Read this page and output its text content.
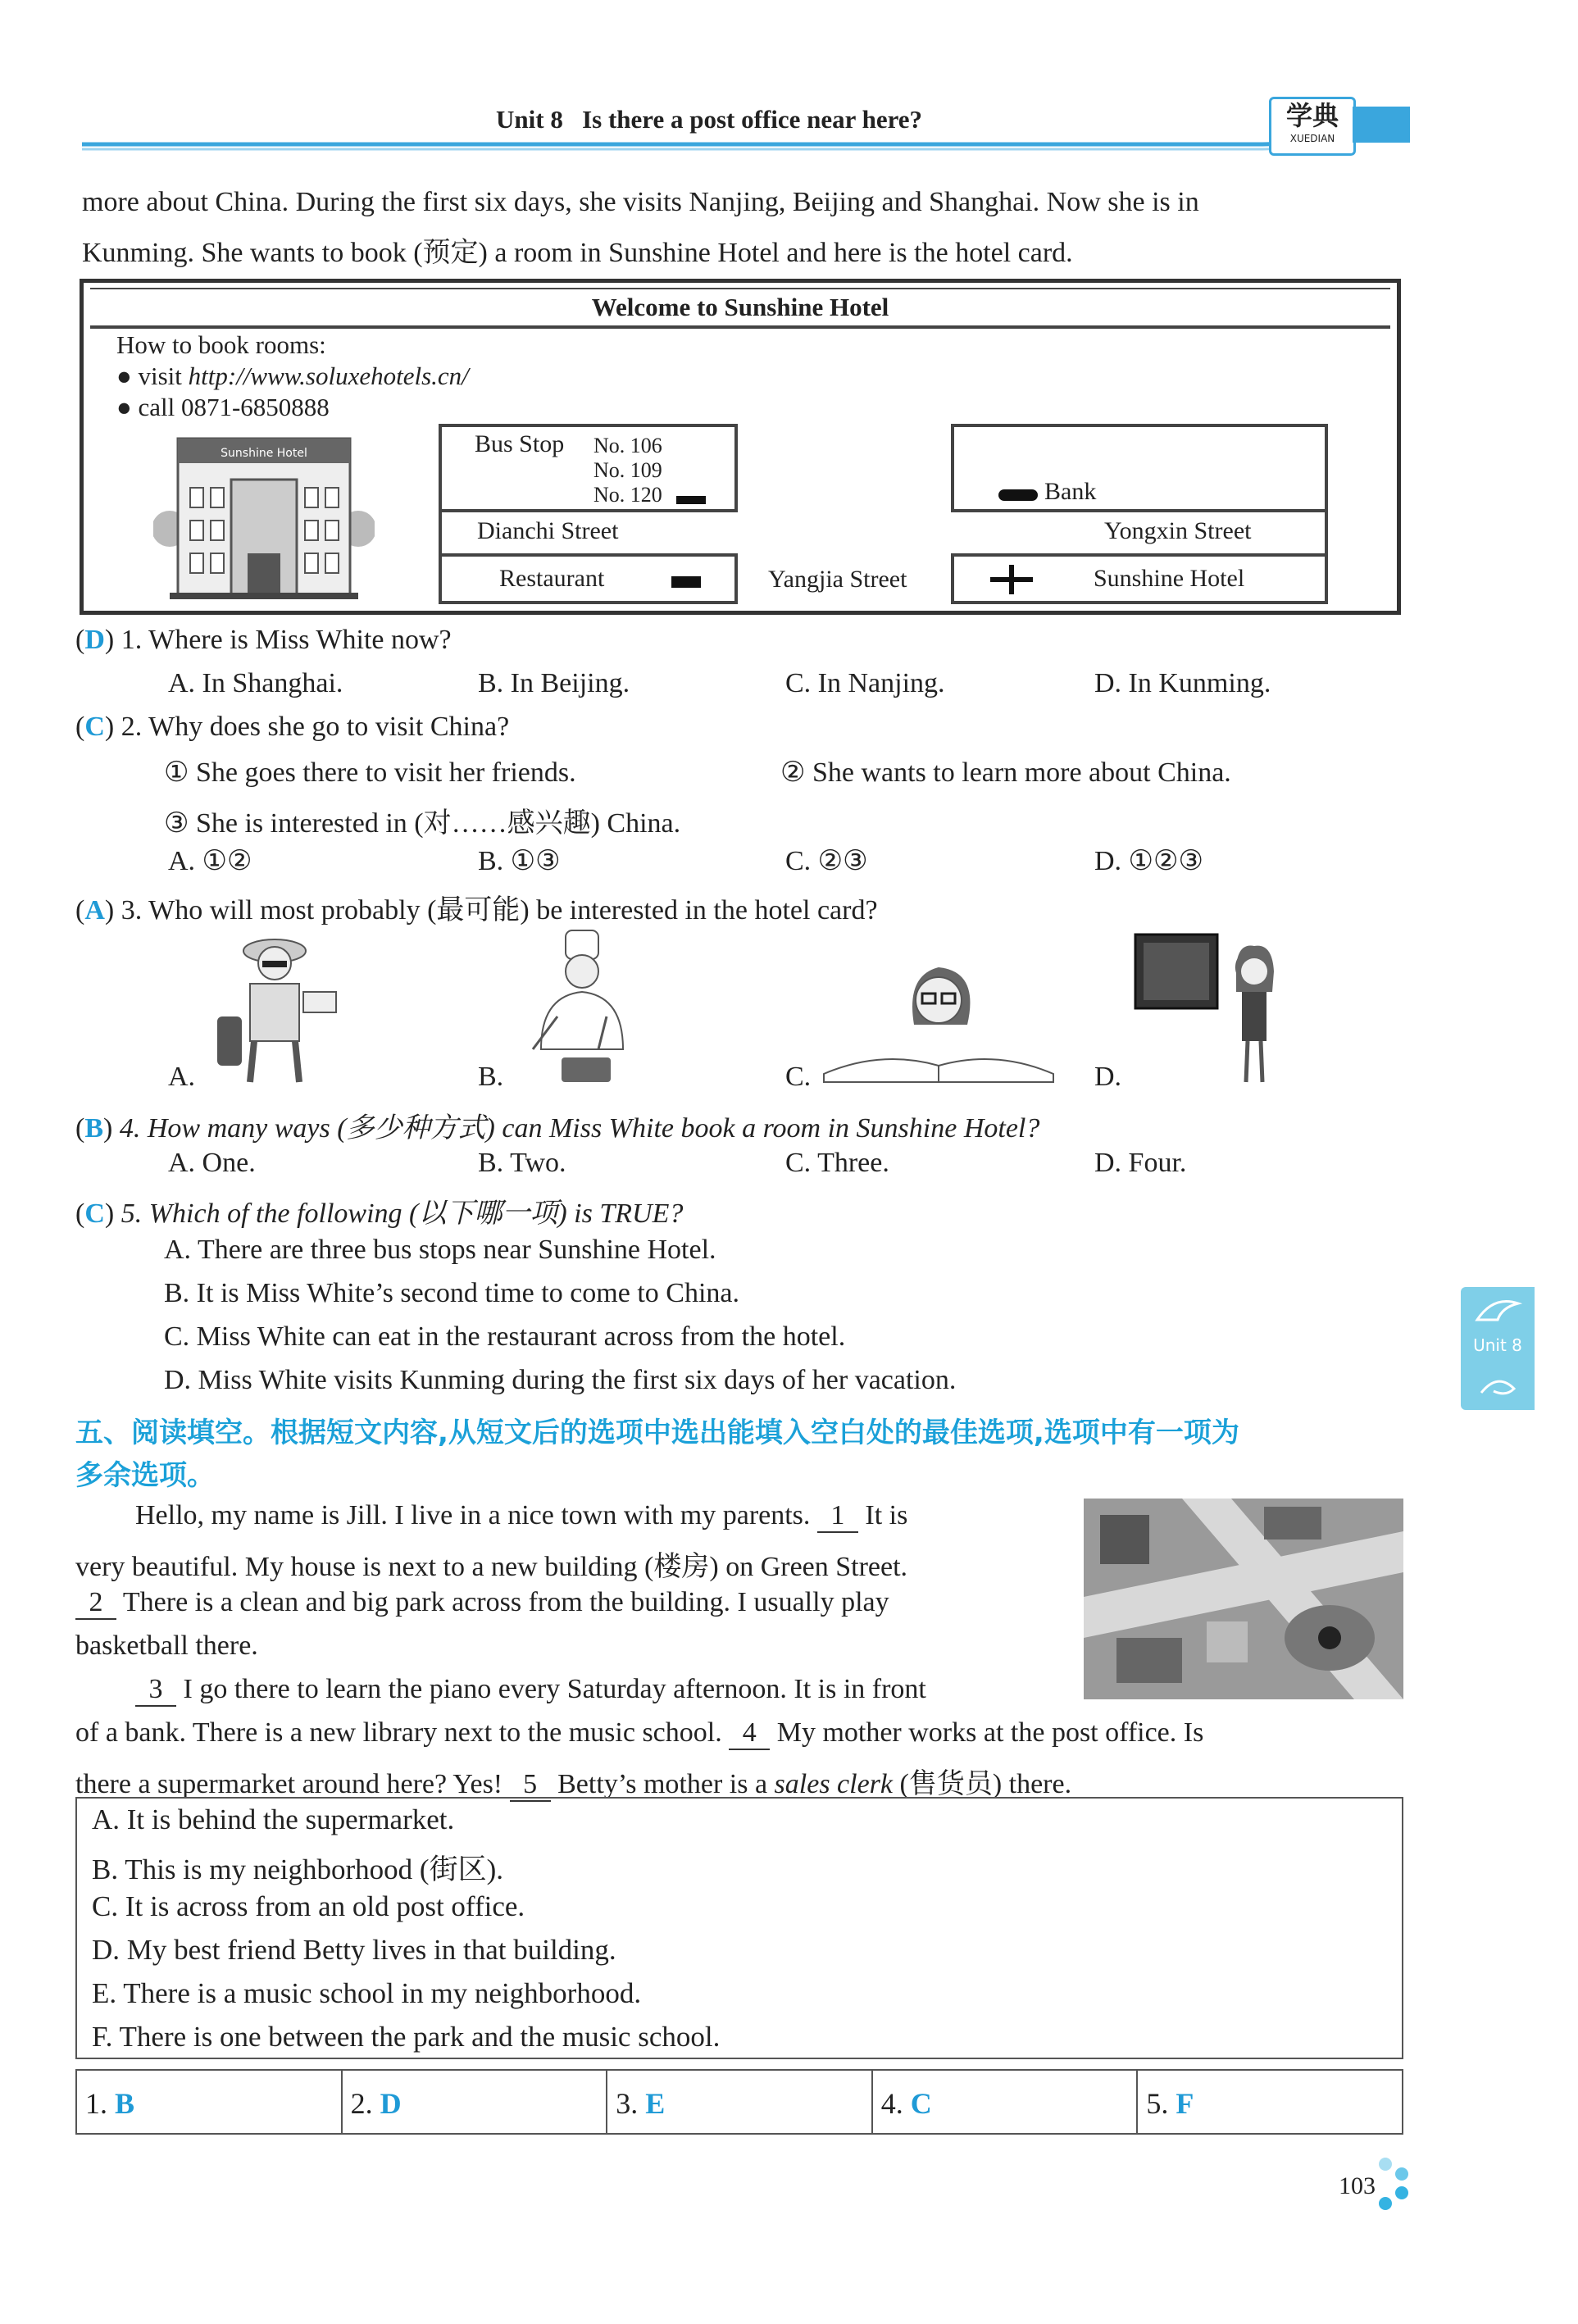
Unit 8 Is there a post office near here?	学典
XUEDIAN
more about China. During the first six days, she visits Nanjing, Beijing and Shanghai. Now she is in
Kunming. She wants to book (预定) a room in Sunshine Hotel and here is the hotel card.
Welcome to Sunshine Hotel
How to book rooms:
● visit http://www.soluxehotels.cn/
● call 0871-6850888
Sunshine Hotel	Bus Stop No. 106
No. 109
No. 120	Bank
Dianchi Street	Yongxin Street
Restaurant	Yangjia Street	Sunshine Hotel
(D) 1. Where is Miss White now?
A. In Shanghai.	B. In Beijing.	C. In Nanjing.	D. In Kunming.
(C) 2. Why does she go to visit China?
① She goes there to visit her friends.	② She wants to learn more about China.
③ She is interested in (对……感兴趣) China.
A. ①②	B. ①③	C. ②③	D. ①②③
(A) 3. Who will most probably (最可能) be interested in the hotel card?
A.	B.	C.	D.
(B) 4. How many ways (多少种方式) can Miss White book a room in Sunshine Hotel?
A. One.	B. Two.	C. Three.	D. Four.
(C) 5. Which of the following (以下哪一项) is TRUE?
A. There are three bus stops near Sunshine Hotel.
B. It is Miss White’s second time to come to China.
C. Miss White can eat in the restaurant across from the hotel.
D. Miss White visits Kunming during the first six days of her vacation.
五、阅读填空。根据短文内容,从短文后的选项中选出能填入空白处的最佳选项,选项中有一项为
多余选项。
Hello, my name is Jill. I live in a nice town with my parents. 1 It is
very beautiful. My house is next to a new building (楼房) on Green Street.
2 There is a clean and big park across from the building. I usually play
basketball there.
3 I go there to learn the piano every Saturday afternoon. It is in front
of a bank. There is a new library next to the music school. 4 My mother works at the post office. Is
there a supermarket around here? Yes! 5 Betty’s mother is a sales clerk (售货员) there.
A. It is behind the supermarket.
B. This is my neighborhood (街区).
C. It is across from an old post office.
D. My best friend Betty lives in that building.
E. There is a music school in my neighborhood.
F. There is one between the park and the music school.
1. B	2. D	3. E	4. C	5. F
Unit 8
103
